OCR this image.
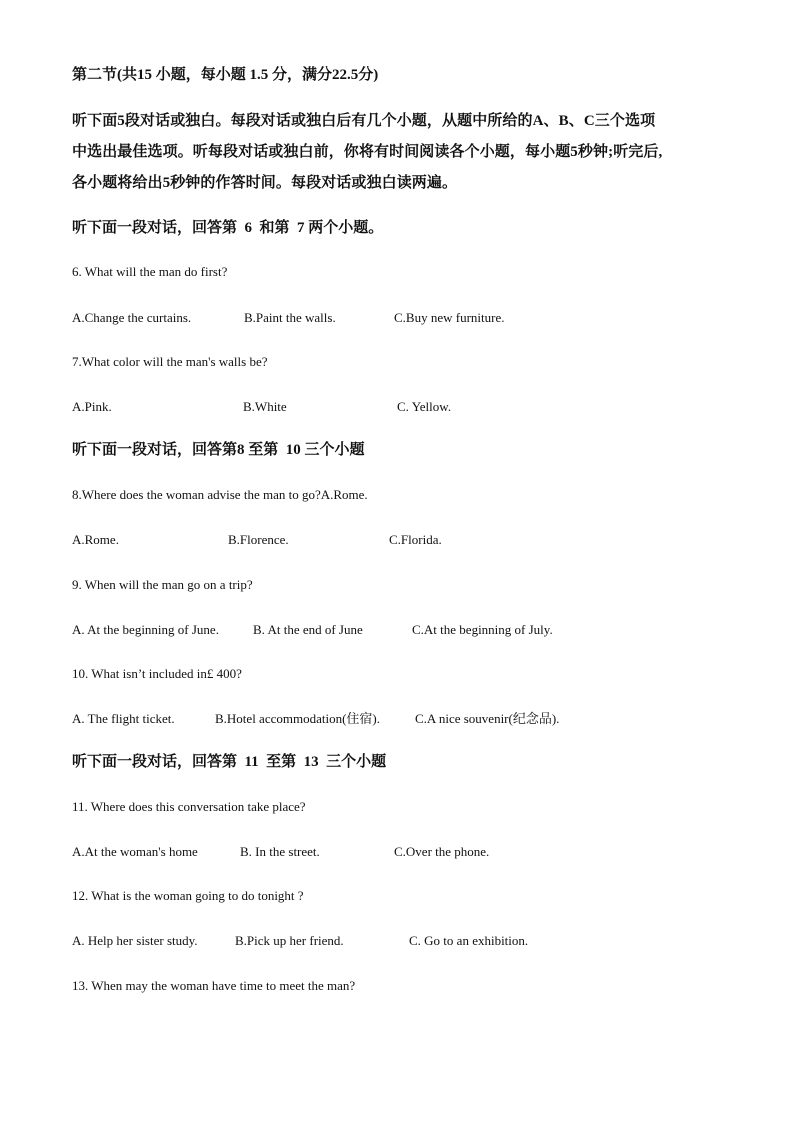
第二节(共15 小题，每小题 1.5 分，满分22.5分)
听下面5段对话或独白。每段对话或独白后有几个小题，从题中所给的A、B、C三个选项
中选出最佳选项。听每段对话或独白前，你将有时间阅读各个小题，每小题5秒钟;听完后,
各小题将给出5秒钟的作答时间。每段对话或独白读两遍。
听下面一段对话，回答第  6  和第  7 两个小题。
6. What will the man do first?
A.Change the curtains.	B.Paint the walls.	C.Buy new furniture.
7.What color will the man's walls be?
A.Pink.	B.White	C. Yellow.
听下面一段对话，回答第8 至第  10 三个小题
8.Where does the woman advise the man to go?A.Rome.
A.Rome.	B.Florence.	C.Florida.
9. When will the man go on a trip?
A. At the beginning of June.	B. At the end of June	C.At the beginning of July.
10. What isn’t included in£ 400?
A. The flight ticket.	B.Hotel accommodation(住宿).	C.A nice souvenir(纪念品).
听下面一段对话，回答第  11  至第  13  三个小题
11. Where does this conversation take place?
A.At the woman's home	B. In the street.	C.Over the phone.
12. What is the woman going to do tonight ?
A. Help her sister study.	B.Pick up her friend.	C. Go to an exhibition.
13. When may the woman have time to meet the man?
